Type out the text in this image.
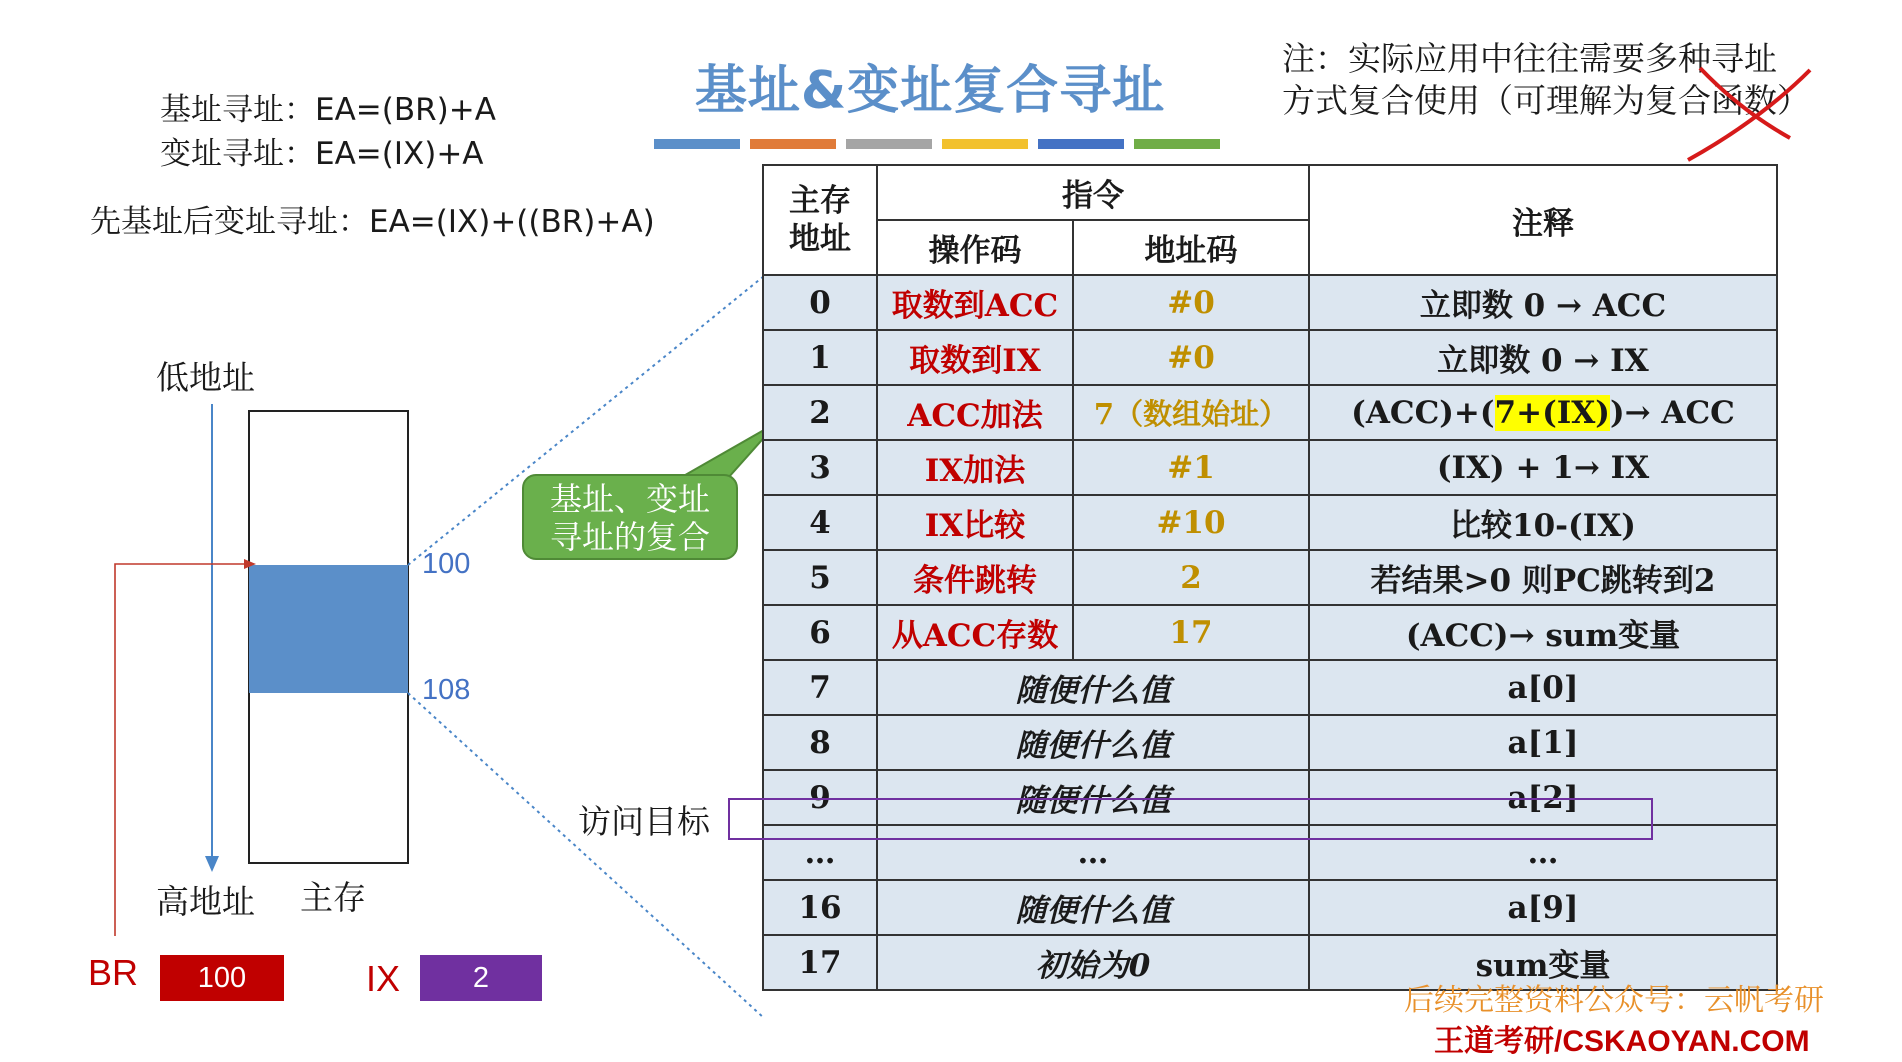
基址寻址：EA=(BR)+A
变址寻址：EA=(IX)+A
先基址后变址寻址：EA=(IX)+((BR)+A)
基址&变址复合寻址
注：实际应用中往往需要多种寻址
方式复合使用（可理解为复合函数）
低地址
100
108
高地址 主存
BR	100	IX	2
基址、变址
寻址的复合
主存地址	指令		注释
	操作码	地址码	
0	取数到ACC	#0	立即数 0 → ACC
1	取数到IX	#0	立即数 0 → IX
2	ACC加法	7（数组始址）	(ACC)+(7+(IX))→ ACC
3	IX加法	#1	(IX) + 1→ IX
4	IX比较	#10	比较10-(IX)
5	条件跳转	2	若结果>0 则PC跳转到2
6	从ACC存数	17	(ACC)→ sum变量
7	随便什么值		a[0]
8	随便什么值		a[1]
9	随便什么值		a[2]
…	…		…
16	随便什么值		a[9]
17	初始为0		sum变量
访问目标
后续完整资料公众号：云帆考研
王道考研/CSKAOYAN.COM
